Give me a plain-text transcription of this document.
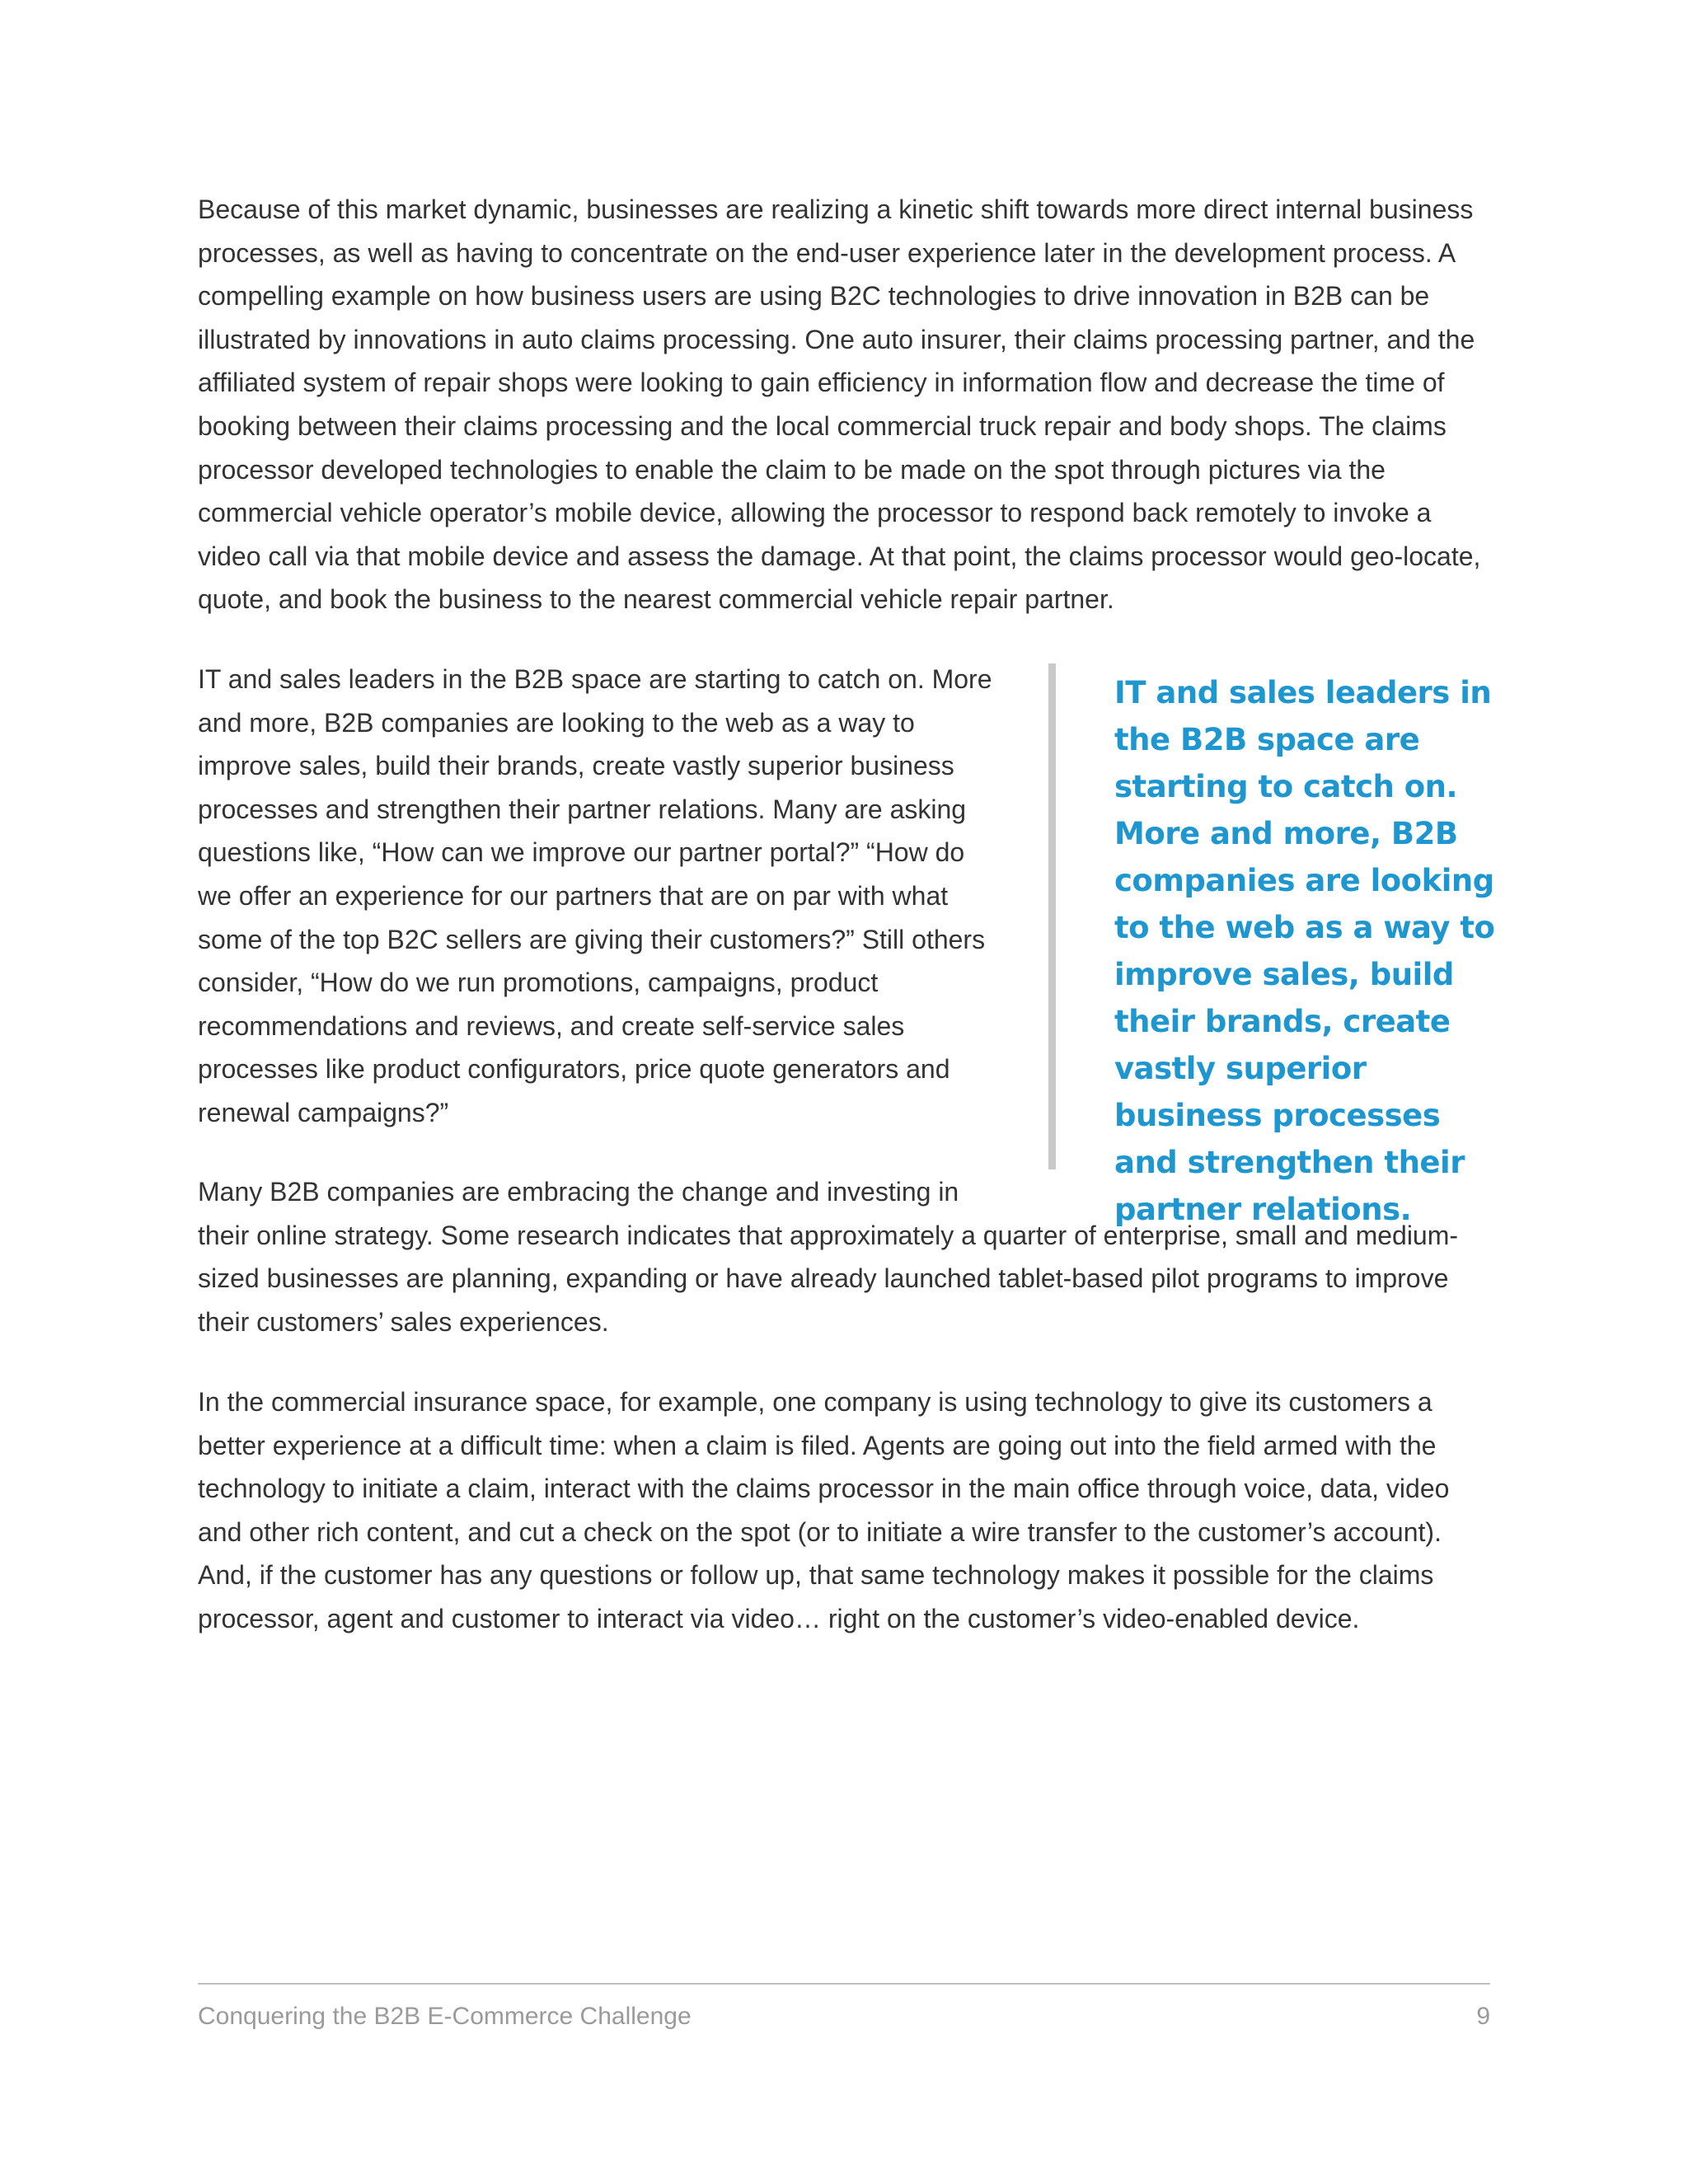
Because of this market dynamic, businesses are realizing a kinetic shift towards more direct internal business processes, as well as having to concentrate on the end-user experience later in the development process. A compelling example on how business users are using B2C technologies to drive innovation in B2B can be illustrated by innovations in auto claims processing. One auto insurer, their claims processing partner, and the affiliated system of repair shops were looking to gain efficiency in information flow and decrease the time of booking between their claims processing and the local commercial truck repair and body shops. The claims processor developed technologies to enable the claim to be made on the spot through pictures via the commercial vehicle operator’s mobile device, allowing the processor to respond back remotely to invoke a video call via that mobile device and assess the damage. At that point, the claims processor would geo-locate, quote, and book the business to the nearest commercial vehicle repair partner.

IT and sales leaders in the B2B space are starting to catch on. More and more, B2B companies are looking to the web as a way to improve sales, build their brands, create vastly superior business processes and strengthen their partner relations. Many are asking questions like, “How can we improve our partner portal?” “How do we offer an experience for our partners that are on par with what some of the top B2C sellers are giving their customers?” Still others consider, “How do we run promotions, campaigns, product recommendations and reviews, and create self-service sales processes like product configurators, price quote generators and renewal campaigns?”

IT and sales leaders in the B2B space are starting to catch on. More and more, B2B companies are looking to the web as a way to improve sales, build their brands, create vastly superior business processes and strengthen their partner relations.

Many B2B companies are embracing the change and investing in
their online strategy. Some research indicates that approximately a quarter of enterprise, small and medium-sized businesses are planning, expanding or have already launched tablet-based pilot programs to improve their customers’ sales experiences.

In the commercial insurance space, for example, one company is using technology to give its customers a better experience at a difficult time: when a claim is filed. Agents are going out into the field armed with the technology to initiate a claim, interact with the claims processor in the main office through voice, data, video and other rich content, and cut a check on the spot (or to initiate a wire transfer to the customer’s account). And, if the customer has any questions or follow up, that same technology makes it possible for the claims processor, agent and customer to interact via video… right on the customer’s video-enabled device.

Conquering the B2B E-Commerce Challenge	9
